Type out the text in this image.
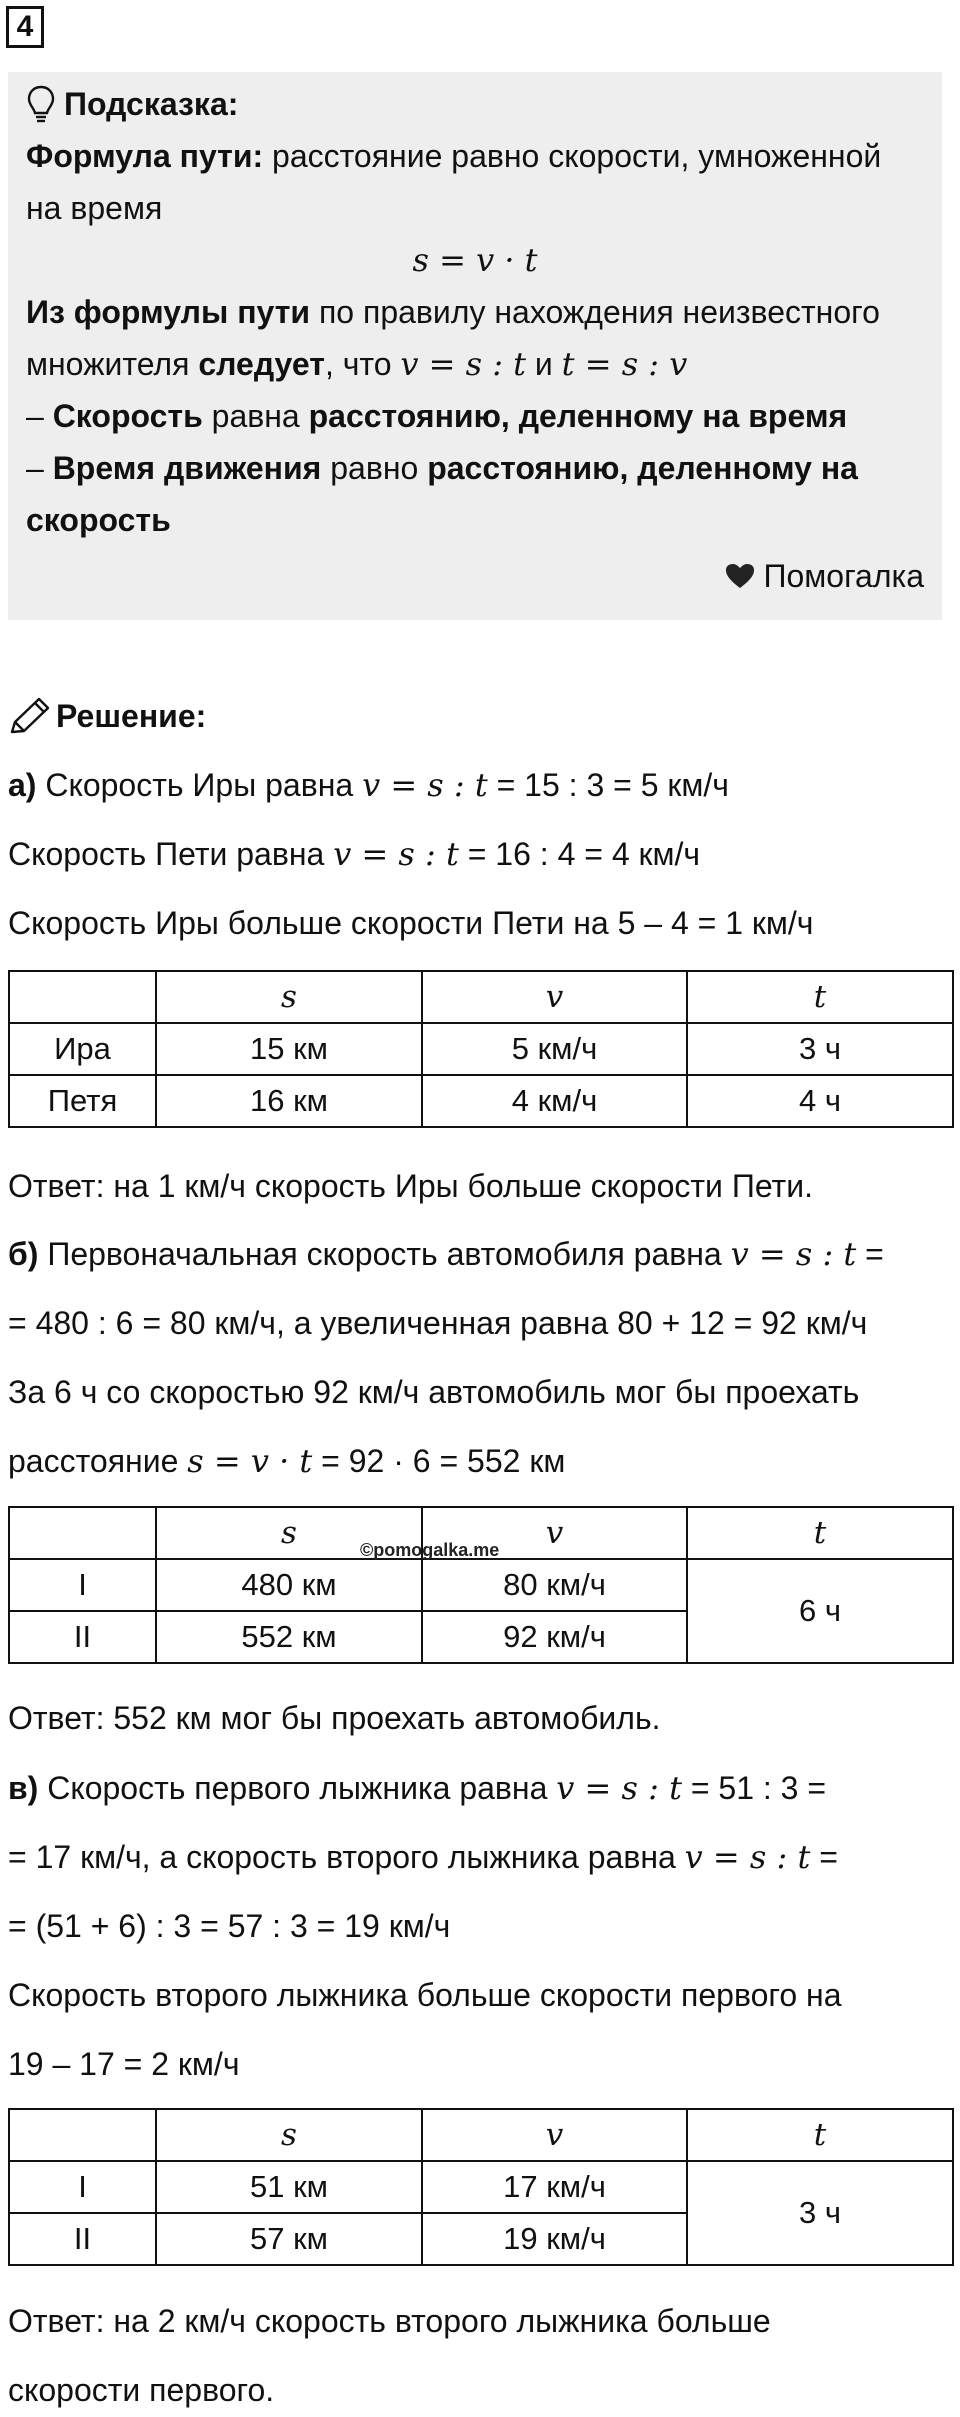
4

Подсказка:

Формула пути: расстояние равно скорости, умноженной на время

s = v · t

Из формулы пути по правилу нахождения неизвестного множителя следует, что v = s : t и t = s : v

– Скорость равна расстоянию, деленному на время

– Время движения равно расстоянию, деленному на скорость

Помогалка

Решение:

а) Скорость Иры равна v = s : t = 15 : 3 = 5 км/ч

Скорость Пети равна v = s : t = 16 : 4 = 4 км/ч

Скорость Иры больше скорости Пети на 5 – 4 = 1 км/ч

	s	v	t
Ира	15 км	5 км/ч	3 ч
Петя	16 км	4 км/ч	4 ч

Ответ: на 1 км/ч скорость Иры больше скорости Пети.

б) Первоначальная скорость автомобиля равна v = s : t =

= 480 : 6 = 80 км/ч, а увеличенная равна 80 + 12 = 92 км/ч

За 6 ч со скоростью 92 км/ч автомобиль мог бы проехать

расстояние s = v · t = 92 · 6 = 552 км

	s	v	t
I	480 км	80 км/ч	6 ч
II	552 км	92 км/ч	
©pomogalka.me

Ответ: 552 км мог бы проехать автомобиль.

в) Скорость первого лыжника равна v = s : t = 51 : 3 =

= 17 км/ч, а скорость второго лыжника равна v = s : t =

= (51 + 6) : 3 = 57 : 3 = 19 км/ч

Скорость второго лыжника больше скорости первого на

19 – 17 = 2 км/ч

	s	v	t
I	51 км	17 км/ч	3 ч
II	57 км	19 км/ч	

Ответ: на 2 км/ч скорость второго лыжника больше

скорости первого.
